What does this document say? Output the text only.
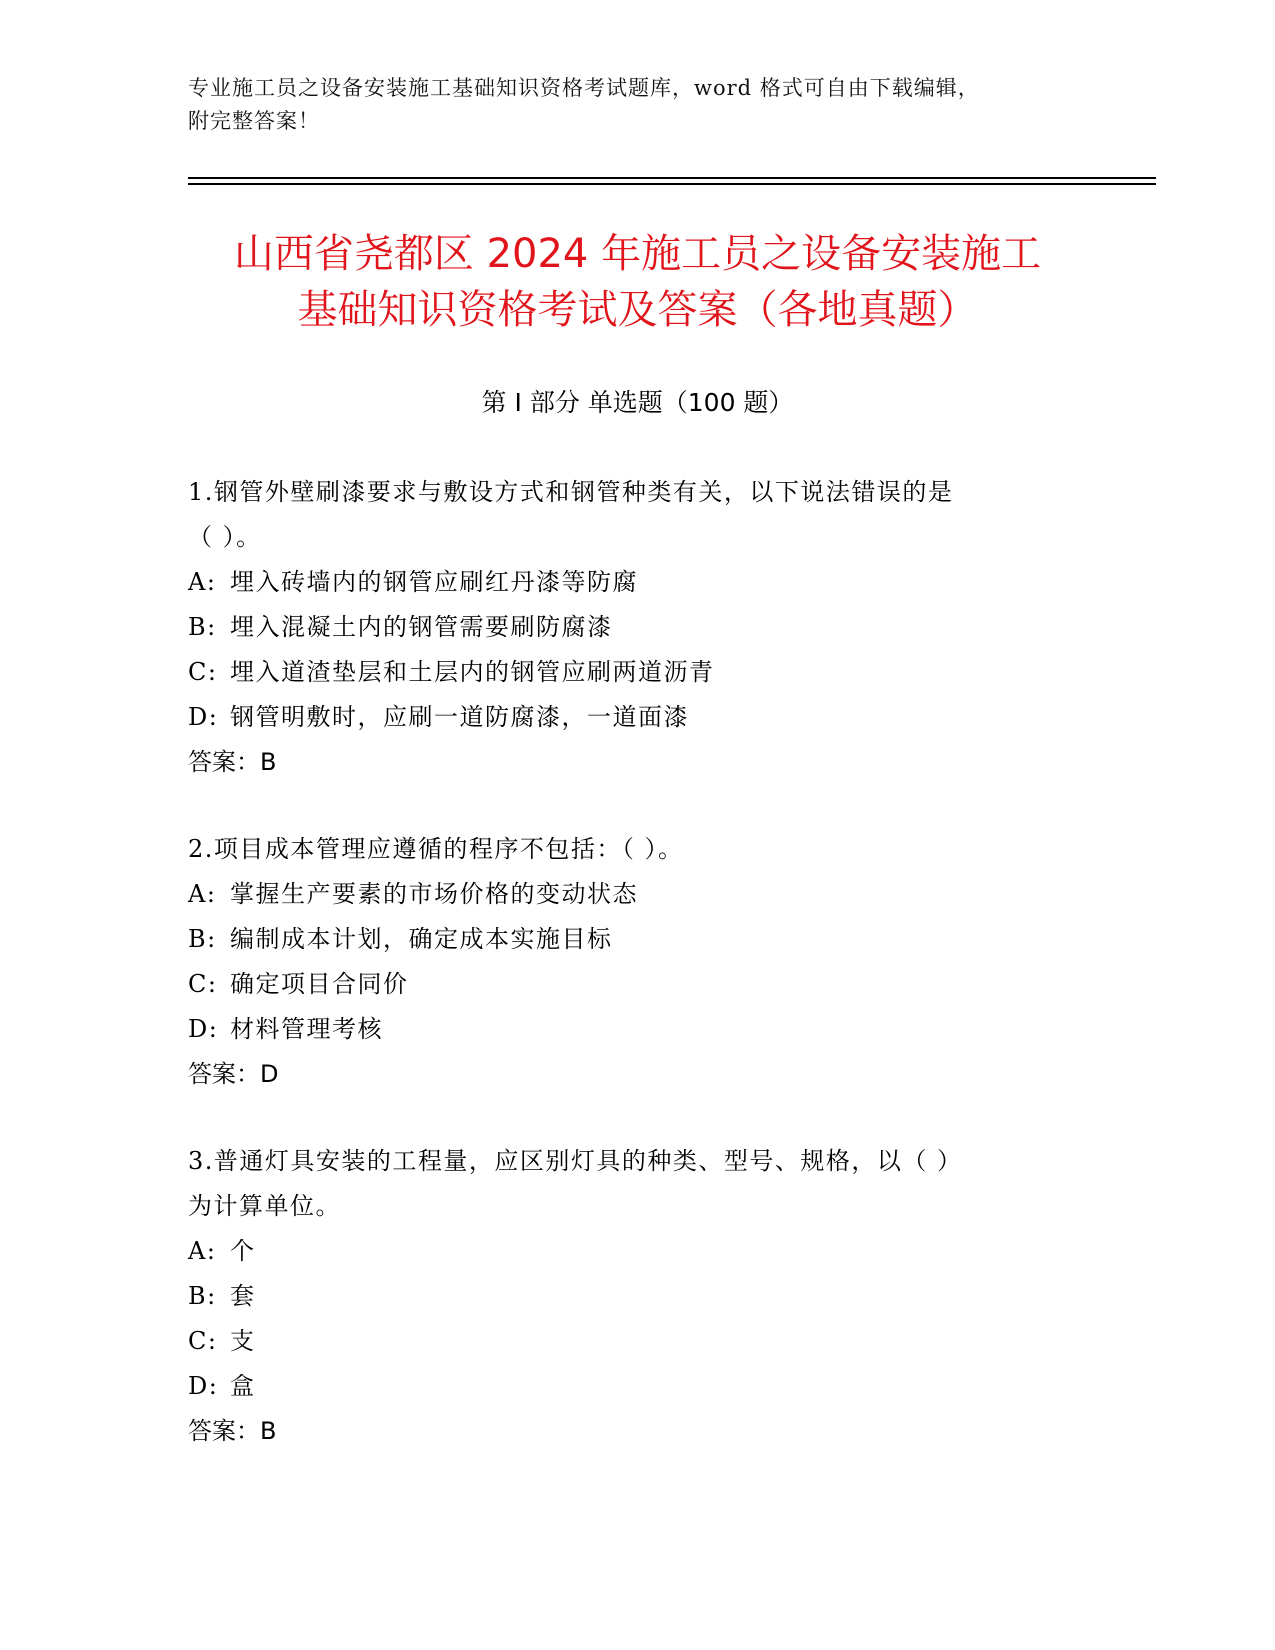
专业施工员之设备安装施工基础知识资格考试题库，word 格式可自由下载编辑，
附完整答案！
山西省尧都区 2024 年施工员之设备安装施工
基础知识资格考试及答案（各地真题）
第 I 部分 单选题（100 题）
1.钢管外壁刷漆要求与敷设方式和钢管种类有关，以下说法错误的是
（ ）。
A: 埋入砖墙内的钢管应刷红丹漆等防腐
B: 埋入混凝土内的钢管需要刷防腐漆
C: 埋入道渣垫层和土层内的钢管应刷两道沥青
D: 钢管明敷时，应刷一道防腐漆，一道面漆
答案：B
2.项目成本管理应遵循的程序不包括：（ ）。
A: 掌握生产要素的市场价格的变动状态
B: 编制成本计划，确定成本实施目标
C: 确定项目合同价
D: 材料管理考核
答案：D
3.普通灯具安装的工程量，应区别灯具的种类、型号、规格，以（ ）
为计算单位。
A: 个
B: 套
C: 支
D: 盒
答案：B
